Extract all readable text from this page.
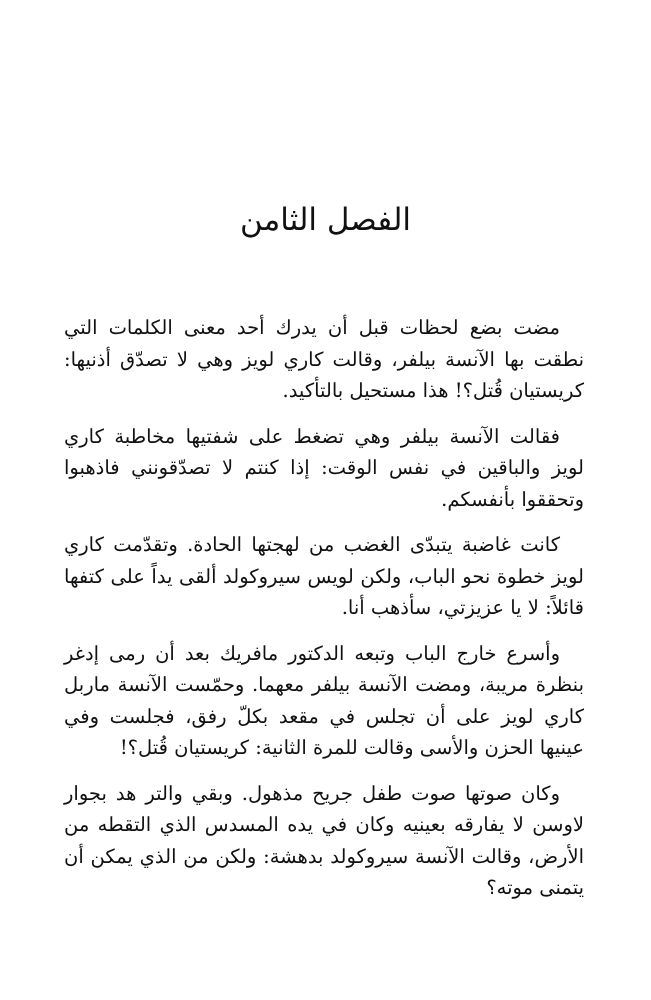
الفصل الثامن

مضت بضع لحظات قبل أن يدرك أحد معنى الكلمات التي نطقت بها الآنسة بيلفر، وقالت كاري لويز وهي لا تصدّق أذنيها: كريستيان قُتل؟! هذا مستحيل بالتأكيد.

فقالت الآنسة بيلفر وهي تضغط على شفتيها مخاطبة كاري لويز والباقين في نفس الوقت: إذا كنتم لا تصدّقونني فاذهبوا وتحققوا بأنفسكم.

كانت غاضبة يتبدّى الغضب من لهجتها الحادة. وتقدّمت كاري لويز خطوة نحو الباب، ولكن لويس سيروكولد ألقى يداً على كتفها قائلاً: لا يا عزيزتي، سأذهب أنا.

وأسرع خارج الباب وتبعه الدكتور مافريك بعد أن رمى إدغر بنظرة مريبة، ومضت الآنسة بيلفر معهما. وحمّست الآنسة ماربل كاري لويز على أن تجلس في مقعد بكلّ رفق، فجلست وفي عينيها الحزن والأسى وقالت للمرة الثانية: كريستيان قُتل؟!

وكان صوتها صوت طفل جريح مذهول. وبقي والتر هد بجوار لاوسن لا يفارقه بعينيه وكان في يده المسدس الذي التقطه من الأرض، وقالت الآنسة سيروكولد بدهشة: ولكن من الذي يمكن أن يتمنى موته؟
